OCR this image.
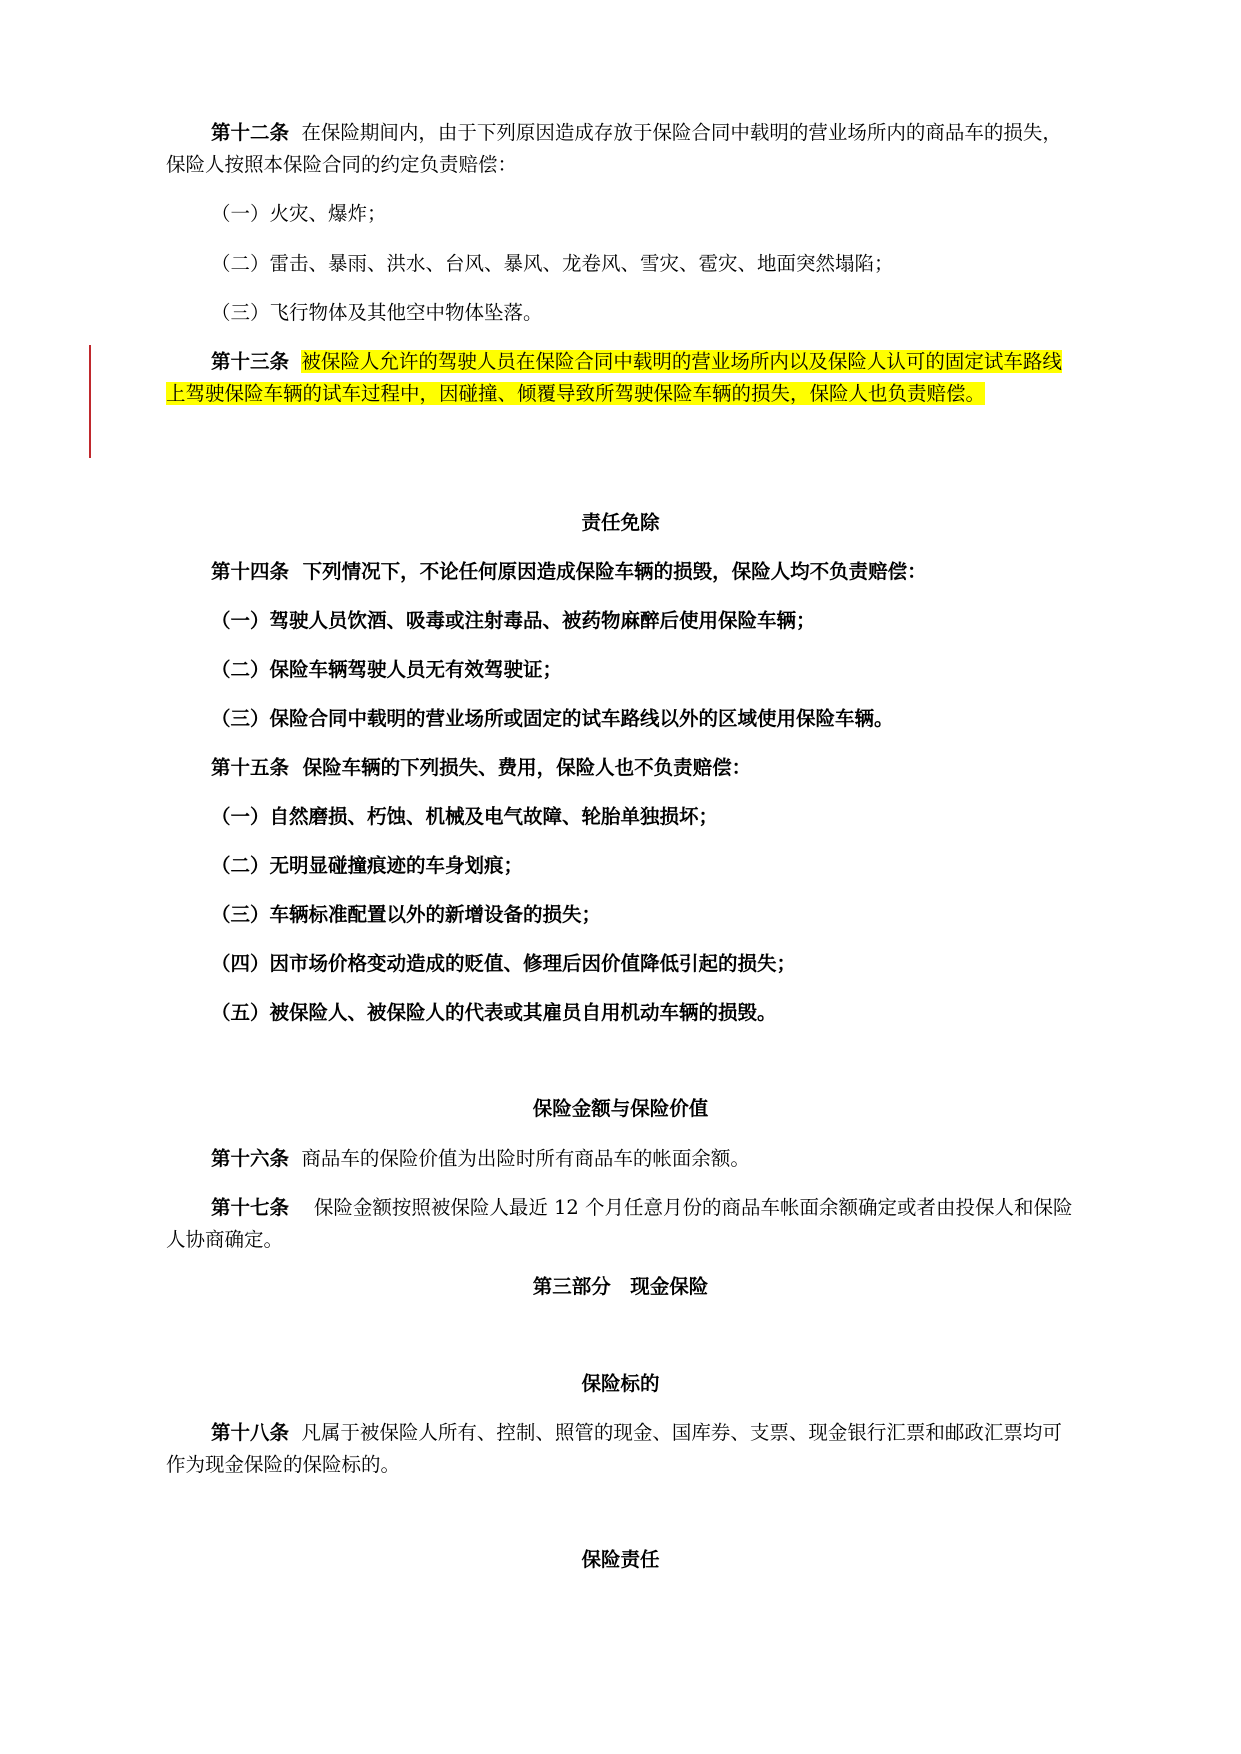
第十二条 在保险期间内，由于下列原因造成存放于保险合同中载明的营业场所内的商品车的损失，保险人按照本保险合同的约定负责赔偿：

（一）火灾、爆炸；

（二）雷击、暴雨、洪水、台风、暴风、龙卷风、雪灾、雹灾、地面突然塌陷；

（三）飞行物体及其他空中物体坠落。

第十三条 被保险人允许的驾驶人员在保险合同中载明的营业场所内以及保险人认可的固定试车路线上驾驶保险车辆的试车过程中，因碰撞、倾覆导致所驾驶保险车辆的损失，保险人也负责赔偿。

责任免除

第十四条 下列情况下，不论任何原因造成保险车辆的损毁，保险人均不负责赔偿：

（一）驾驶人员饮酒、吸毒或注射毒品、被药物麻醉后使用保险车辆；

（二）保险车辆驾驶人员无有效驾驶证；

（三）保险合同中载明的营业场所或固定的试车路线以外的区域使用保险车辆。

第十五条 保险车辆的下列损失、费用，保险人也不负责赔偿：

（一）自然磨损、朽蚀、机械及电气故障、轮胎单独损坏；

（二）无明显碰撞痕迹的车身划痕；

（三）车辆标准配置以外的新增设备的损失；

（四）因市场价格变动造成的贬值、修理后因价值降低引起的损失；

（五）被保险人、被保险人的代表或其雇员自用机动车辆的损毁。

保险金额与保险价值

第十六条 商品车的保险价值为出险时所有商品车的帐面余额。

第十七条 保险金额按照被保险人最近 12 个月任意月份的商品车帐面余额确定或者由投保人和保险人协商确定。

第三部分　现金保险

保险标的

第十八条 凡属于被保险人所有、控制、照管的现金、国库券、支票、现金银行汇票和邮政汇票均可作为现金保险的保险标的。

保险责任
